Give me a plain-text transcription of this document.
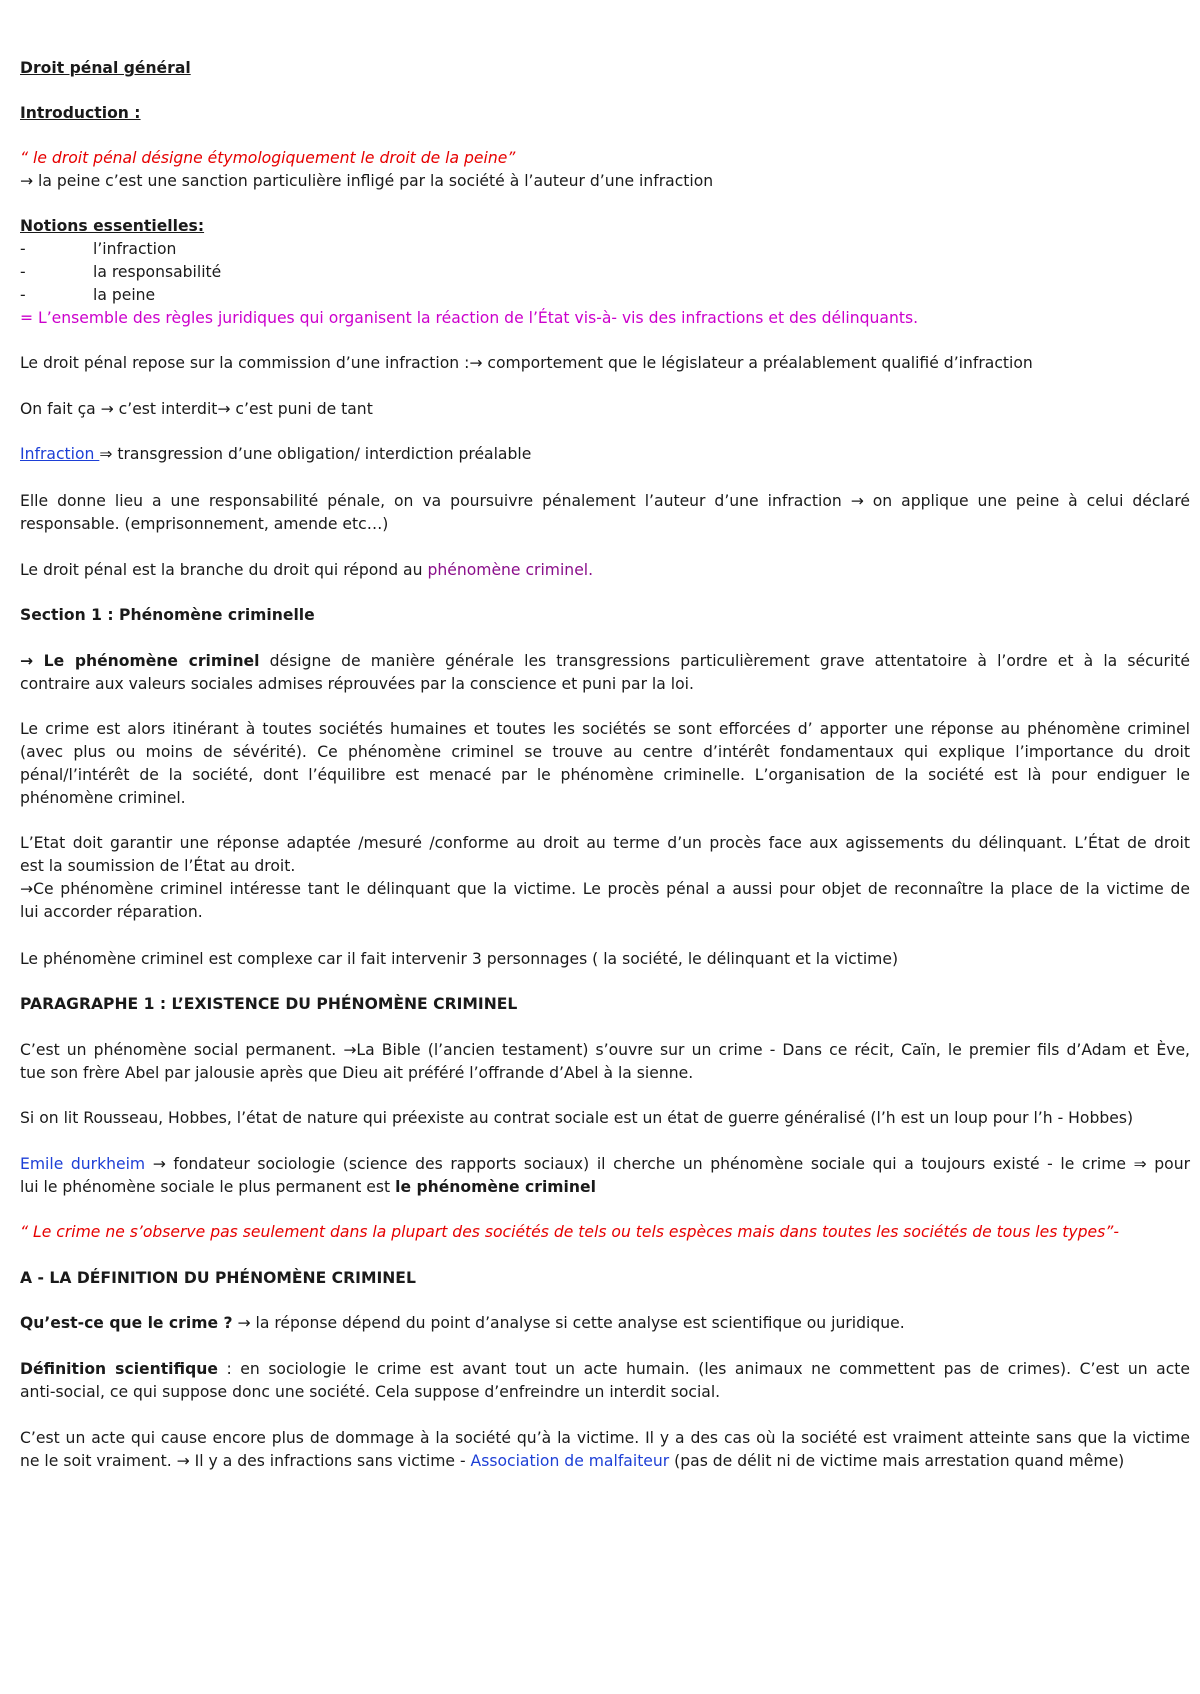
Droit pénal général
Introduction :
“ le droit pénal désigne étymologiquement le droit de la peine”
→ la peine c’est une sanction particulière infligé par la société à l’auteur d’une infraction
Notions essentielles:
-	l’infraction
-	la responsabilité
-	la peine
= L’ensemble des règles juridiques qui organisent la réaction de l’État vis-à- vis des infractions et des délinquants.
Le droit pénal repose sur la commission d’une infraction :→ comportement que le législateur a préalablement qualifié d’infraction
On fait ça → c’est interdit→ c’est puni de tant
Infraction ⇒ transgression d’une obligation/ interdiction préalable
Elle donne lieu a une responsabilité pénale, on va poursuivre pénalement l’auteur d’une infraction → on applique une peine à celui déclaré
responsable. (emprisonnement, amende etc…)
Le droit pénal est la branche du droit qui répond au phénomène criminel.
Section 1 : Phénomène criminelle
→ Le phénomène criminel désigne de manière générale les transgressions particulièrement grave attentatoire à l’ordre et à la sécurité
contraire aux valeurs sociales admises réprouvées par la conscience et puni par la loi.
Le crime est alors itinérant à toutes sociétés humaines et toutes les sociétés se sont efforcées d’ apporter une réponse au phénomène criminel
(avec plus ou moins de sévérité). Ce phénomène criminel se trouve au centre d’intérêt fondamentaux qui explique l’importance du droit
pénal/l’intérêt de la société, dont l’équilibre est menacé par le phénomène criminelle. L’organisation de la société est là pour endiguer le
phénomène criminel.
L’Etat doit garantir une réponse adaptée /mesuré /conforme au droit au terme d’un procès face aux agissements du délinquant. L’État de droit
est la soumission de l’État au droit.
→Ce phénomène criminel intéresse tant le délinquant que la victime. Le procès pénal a aussi pour objet de reconnaître la place de la victime de
lui accorder réparation.
Le phénomène criminel est complexe car il fait intervenir 3 personnages ( la société, le délinquant et la victime)
PARAGRAPHE 1 : L’EXISTENCE DU PHÉNOMÈNE CRIMINEL
C’est un phénomène social permanent. →La Bible (l’ancien testament) s’ouvre sur un crime - Dans ce récit, Caïn, le premier fils d’Adam et Ève,
tue son frère Abel par jalousie après que Dieu ait préféré l’offrande d’Abel à la sienne.
Si on lit Rousseau, Hobbes, l’état de nature qui préexiste au contrat sociale est un état de guerre généralisé (l’h est un loup pour l’h - Hobbes)
Emile durkheim → fondateur sociologie (science des rapports sociaux) il cherche un phénomène sociale qui a toujours existé - le crime ⇒ pour
lui le phénomène sociale le plus permanent est le phénomène criminel
“ Le crime ne s’observe pas seulement dans la plupart des sociétés de tels ou tels espèces mais dans toutes les sociétés de tous les types”-
A - LA DÉFINITION DU PHÉNOMÈNE CRIMINEL
Qu’est-ce que le crime ? → la réponse dépend du point d’analyse si cette analyse est scientifique ou juridique.
Définition scientifique : en sociologie le crime est avant tout un acte humain. (les animaux ne commettent pas de crimes). C’est un acte
anti-social, ce qui suppose donc une société. Cela suppose d’enfreindre un interdit social.
C’est un acte qui cause encore plus de dommage à la société qu’à la victime. Il y a des cas où la société est vraiment atteinte sans que la victime
ne le soit vraiment. → Il y a des infractions sans victime - Association de malfaiteur (pas de délit ni de victime mais arrestation quand même)
